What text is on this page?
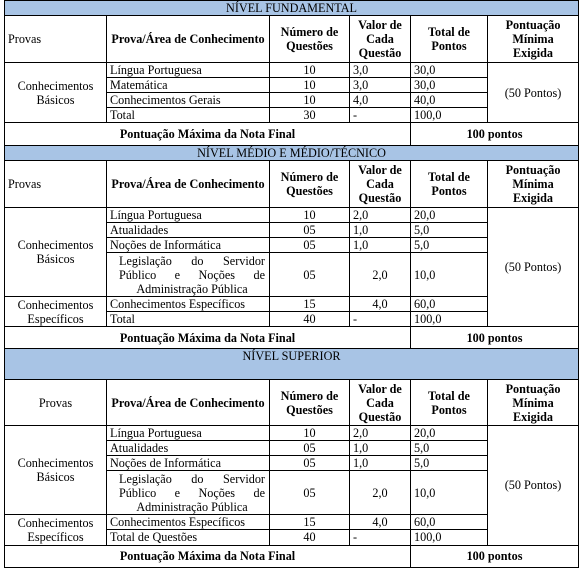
NÍVEL FUNDAMENTAL					
Provas	Prova/Área de Conhecimento	Número de Questões	Valor de Cada Questão	Total de Pontos	Pontuação Mínima Exigida
Conhecimentos Básicos	Língua Portuguesa	10	3,0	30,0	(50 Pontos)
	Matemática	10	3,0	30,0	
	Conhecimentos Gerais	10	4,0	40,0	
	Total	30	-	100,0	
Pontuação Máxima da Nota Final				100 pontos	
NÍVEL MÉDIO E MÉDIO/TÉCNICO					
Provas	Prova/Área de Conhecimento	Número de Questões	Valor de Cada Questão	Total de Pontos	Pontuação Mínima Exigida
Conhecimentos Básicos	Língua Portuguesa	10	2,0	20,0	(50 Pontos)
	Atualidades	05	1,0	5,0	
	Noções de Informática	05	1,0	5,0	
	Legislação do Servidor Público e Noções de Administração Pública	05	2,0	10,0	
Conhecimentos Específicos	Conhecimentos Específicos	15	4,0	60,0	
	Total	40	-	100,0	
Pontuação Máxima da Nota Final				100 pontos	
NÍVEL SUPERIOR					
Provas	Prova/Área de Conhecimento	Número de Questões	Valor de Cada Questão	Total de Pontos	Pontuação Mínima Exigida
Conhecimentos Básicos	Língua Portuguesa	10	2,0	20,0	(50 Pontos)
	Atualidades	05	1,0	5,0	
	Noções de Informática	05	1,0	5,0	
	Legislação do Servidor Público e Noções de Administração Pública	05	2,0	10,0	
Conhecimentos Específicos	Conhecimentos Específicos	15	4,0	60,0	
	Total de Questões	40	-	100,0	
Pontuação Máxima da Nota Final				100 pontos	
